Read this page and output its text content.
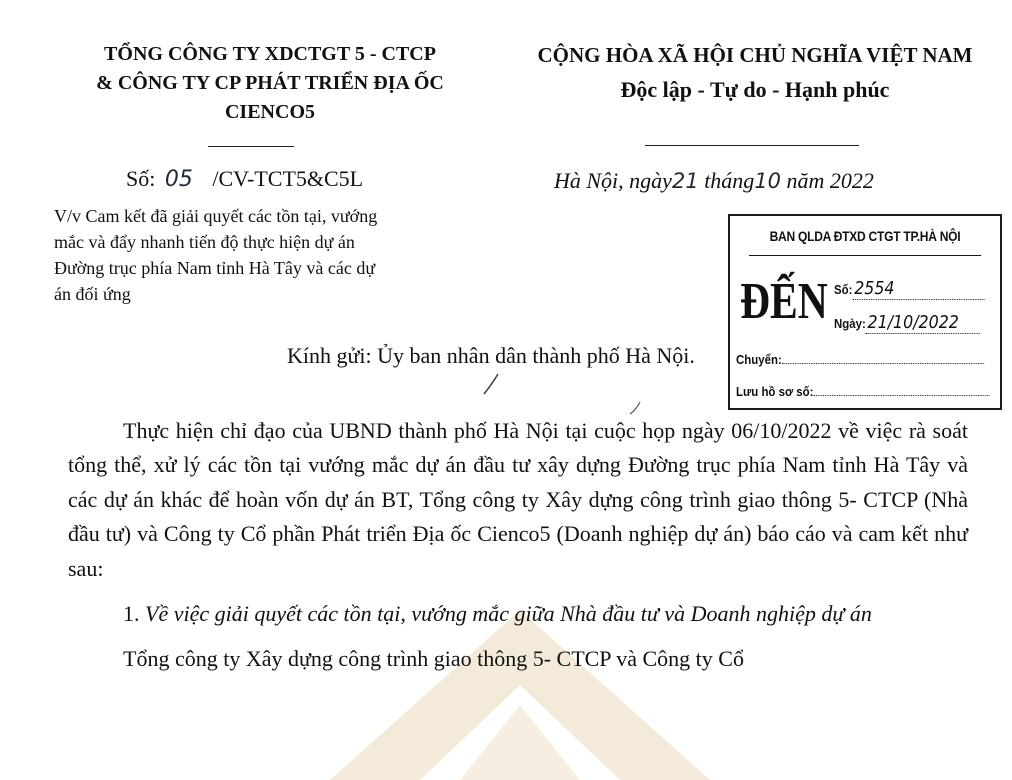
TỔNG CÔNG TY XDCTGT 5 - CTCP
& CÔNG TY CP PHÁT TRIỂN ĐỊA ỐC
CIENCO5
CỘNG HÒA XÃ HỘI CHỦ NGHĨA VIỆT NAM
Độc lập - Tự do - Hạnh phúc
Số: 05 /CV-TCT5&C5L
V/v Cam kết đã giải quyết các tồn tại, vướng
mắc và đẩy nhanh tiến độ thực hiện dự án
Đường trục phía Nam tỉnh Hà Tây và các dự
án đối ứng
Hà Nội, ngày21 tháng10 năm 2022
BAN QLDA ĐTXD CTGT TP.HÀ NỘI
ĐẾN Số:2554
Ngày:21/10/2022
Chuyển:
Lưu hồ sơ số:
Kính gửi: Ủy ban nhân dân thành phố Hà Nội.

Thực hiện chỉ đạo của UBND thành phố Hà Nội tại cuộc họp ngày 06/10/2022 về việc rà soát tổng thể, xử lý các tồn tại vướng mắc dự án đầu tư xây dựng Đường trục phía Nam tỉnh Hà Tây và các dự án khác để hoàn vốn dự án BT, Tổng công ty Xây dựng công trình giao thông 5- CTCP (Nhà đầu tư) và Công ty Cổ phần Phát triển Địa ốc Cienco5 (Doanh nghiệp dự án) báo cáo và cam kết như sau:

1. Về việc giải quyết các tồn tại, vướng mắc giữa Nhà đầu tư và Doanh nghiệp dự án

Tổng công ty Xây dựng công trình giao thông 5- CTCP và Công ty Cổ
